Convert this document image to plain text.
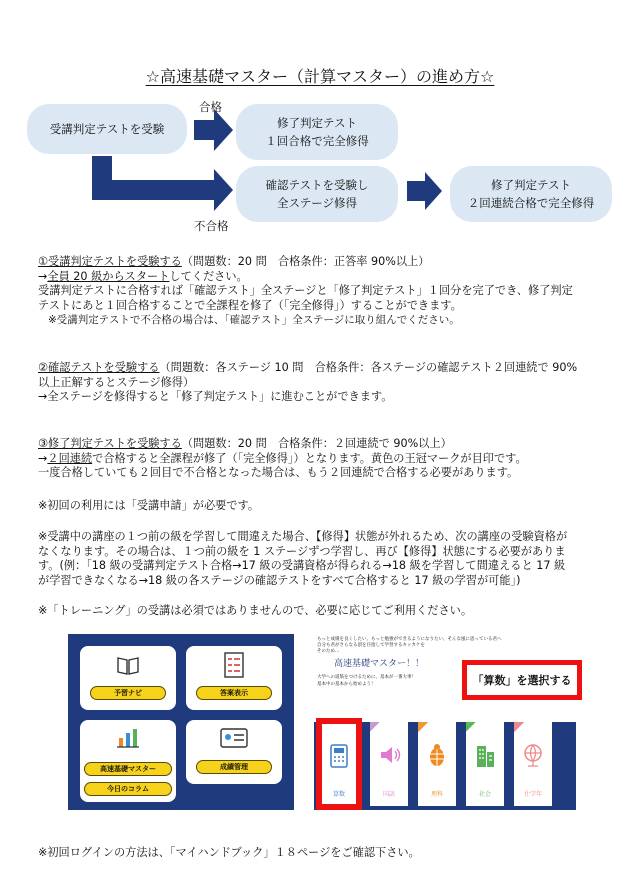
☆高速基礎マスター（計算マスター）の進め方☆
受講判定テストを受験
合格
不合格
修了判定テスト
１回合格で完全修得
確認テストを受験し
全ステージ修得
修了判定テスト
２回連続合格で完全修得

①受講判定テストを受験する（問題数：20 問　合格条件：正答率 90%以上）

→全員 20 級からスタートしてください。

受講判定テストに合格すれば「確認テスト」全ステージと「修了判定テスト」１回分を完了でき、修了判定

テストにあと１回合格することで全課程を修了（「完全修得」）することができます。

※受講判定テストで不合格の場合は、「確認テスト」全ステージに取り組んでください。

②確認テストを受験する（問題数：各ステージ 10 問　合格条件：各ステージの確認テスト２回連続で 90%

以上正解するとステージ修得）

→全ステージを修得すると「修了判定テスト」に進むことができます。

③修了判定テストを受験する（問題数：20 問　合格条件：２回連続で 90%以上）

→２回連続で合格すると全課程が修了（「完全修得」）となります。黄色の王冠マークが目印です。

一度合格していても２回目で不合格となった場合は、もう２回連続で合格する必要があります。

※初回の利用には「受講申請」が必要です。

※受講中の講座の１つ前の級を学習して間違えた場合、【修得】状態が外れるため、次の講座の受験資格が

なくなります。その場合は、１つ前の級を 1 ステージずつ学習し、再び【修得】状態にする必要がありま

す。(例：「18 級の受講判定テスト合格→17 級の受講資格が得られる→18 級を学習して間違えると 17 級

が学習できなくなる→18 級の各ステージの確認テストをすべて合格すると 17 級の学習が可能」)

※「トレーニング」の受講は必須ではありませんので、必要に応じてご利用ください。

予習ナビ	答案表示
高速基礎マスター
今日のコラム
成績管理
もっと成績を良くしたい、もっと勉強ができるようになりたい、そんな風に思っている君へ
自分も君がさらなる頂を目指して学習するキッカケを
そのため…
高速基礎マスター！！
大学への道筋をつけるために、基本が一番大事！
基本中の基本から始めよう！
算数	国語	理科	社会	仕学年
「算数」を選択する

※初回ログインの方法は、「マイハンドブック」１８ページをご確認下さい。
